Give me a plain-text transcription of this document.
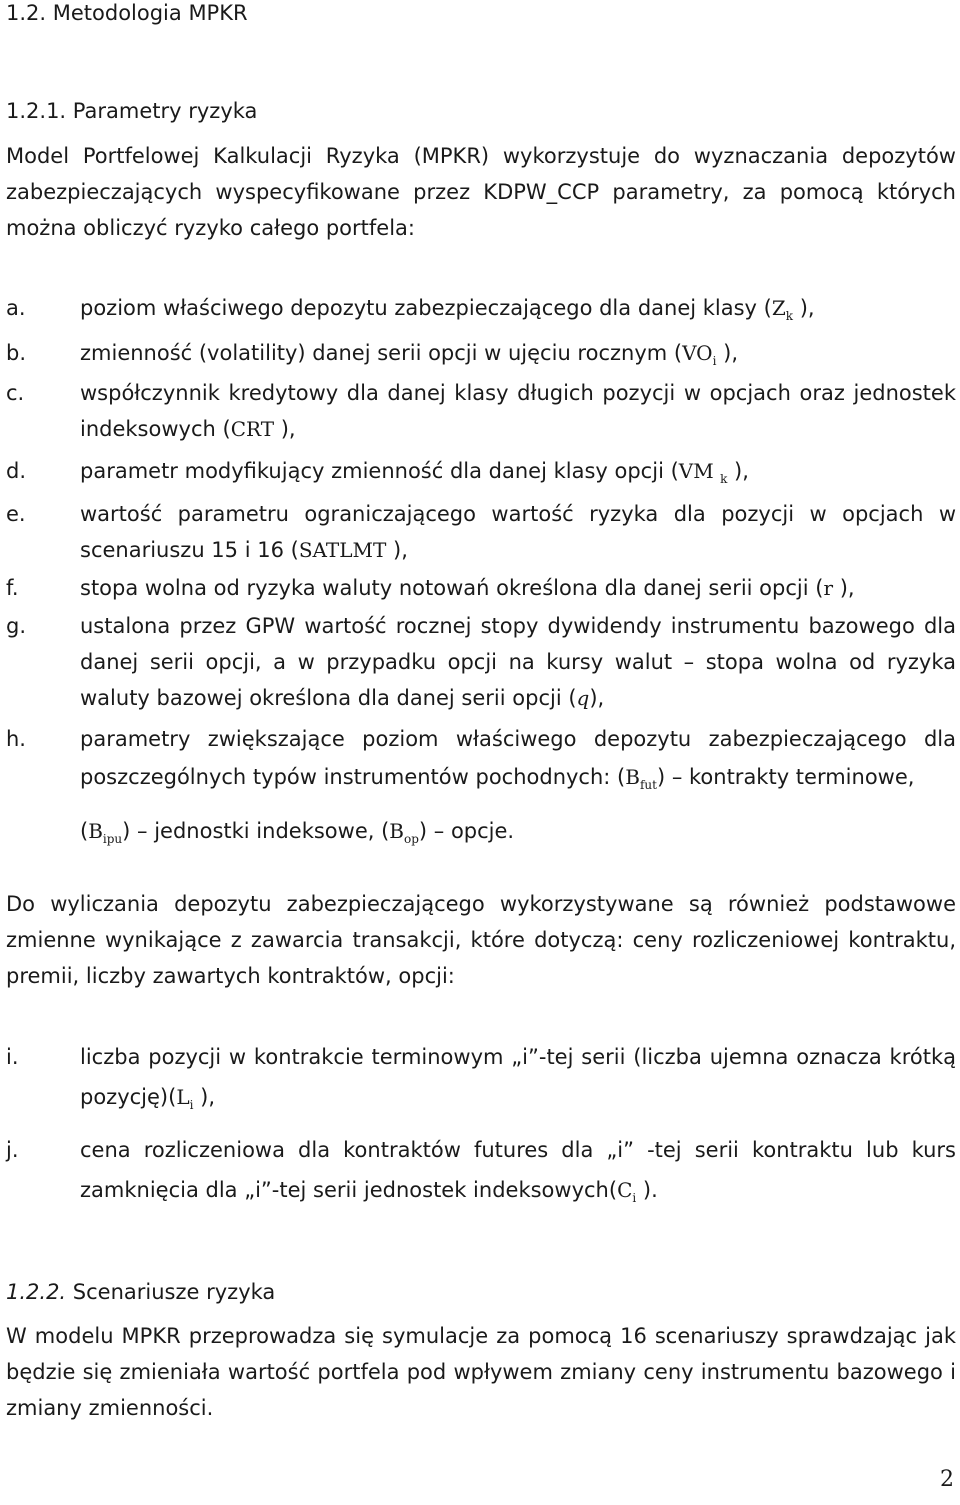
1.2. Metodologia MPKR
1.2.1. Parametry ryzyka
Model Portfelowej Kalkulacji Ryzyka (MPKR) wykorzystuje do wyznaczania depozytów zabezpieczających wyspecyfikowane przez KDPW_CCP parametry, za pomocą których można obliczyć ryzyko całego portfela:
a.	poziom właściwego depozytu zabezpieczającego dla danej klasy ($Z_k$ ),
b.	zmienność (volatility) danej serii opcji w ujęciu rocznym ($VO_i$ ),
c.	współczynnik kredytowy dla danej klasy długich pozycji w opcjach oraz jednostek indeksowych (CRT ),
d.	parametr modyfikujący zmienność dla danej klasy opcji (VM $_k$ ),
e.	wartość parametru ograniczającego wartość ryzyka dla pozycji w opcjach w scenariuszu 15 i 16 (SATLMT ),
f.	stopa wolna od ryzyka waluty notowań określona dla danej serii opcji (r ),
g.	ustalona przez GPW wartość rocznej stopy dywidendy instrumentu bazowego dla danej serii opcji, a w przypadku opcji na kursy walut – stopa wolna od ryzyka waluty bazowej określona dla danej serii opcji (q),
h.	parametry zwiększające poziom właściwego depozytu zabezpieczającego dla poszczególnych typów instrumentów pochodnych: $(B_{fut})$ – kontrakty terminowe,
$(B_{ipu})$ – jednostki indeksowe, $(B_{op})$ – opcje.
Do wyliczania depozytu zabezpieczającego wykorzystywane są również podstawowe zmienne wynikające z zawarcia transakcji, które dotyczą: ceny rozliczeniowej kontraktu, premii, liczby zawartych kontraktów, opcji:
i.	liczba pozycji w kontrakcie terminowym „i”-tej serii (liczba ujemna oznacza krótką $pozycję)(L_i$ ),
j.	cena rozliczeniowa dla kontraktów futures dla „i” -tej serii kontraktu lub kurs zamknięcia dla „i”-tej serii jednostek $indeksowych(C_i$ ).
1.2.2. Scenariusze ryzyka
W modelu MPKR przeprowadza się symulacje za pomocą 16 scenariuszy sprawdzając jak będzie się zmieniała wartość portfela pod wpływem zmiany ceny instrumentu bazowego i zmiany zmienności.
2
